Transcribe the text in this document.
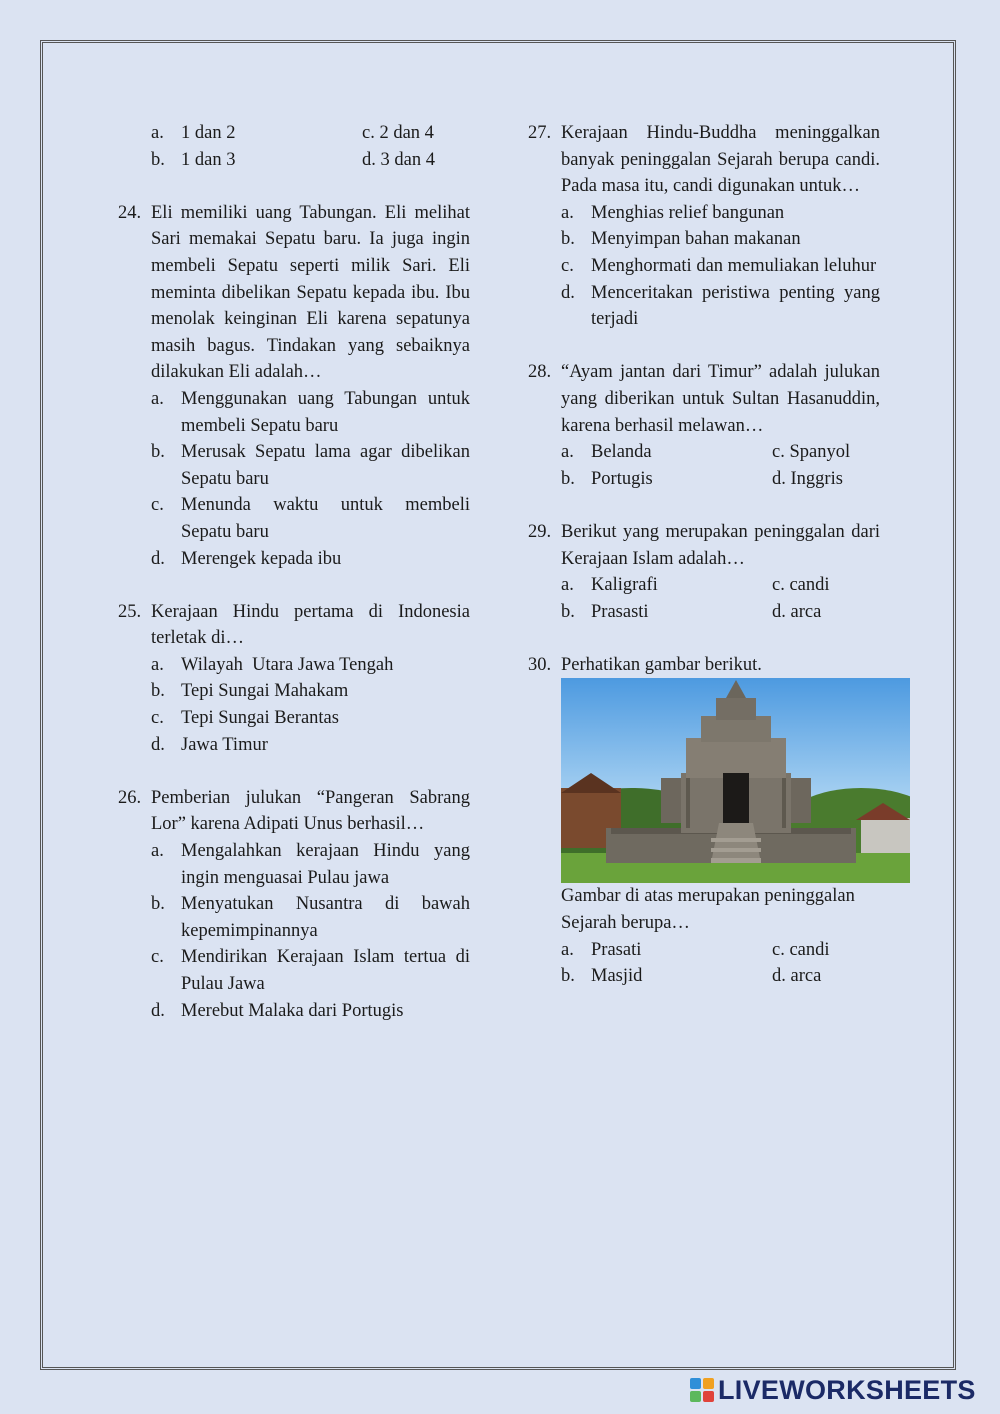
a. 1 dan 2	c. 2 dan 4
b. 1 dan 3	d. 3 dan 4
24. Eli memiliki uang Tabungan. Eli melihat Sari memakai Sepatu baru. Ia juga ingin membeli Sepatu seperti milik Sari. Eli meminta dibelikan Sepatu kepada ibu. Ibu menolak keinginan Eli karena sepatunya masih bagus. Tindakan yang sebaiknya dilakukan Eli adalah…
a. Menggunakan uang Tabungan untuk membeli Sepatu baru
b. Merusak Sepatu lama agar dibelikan Sepatu baru
c. Menunda waktu untuk membeli Sepatu baru
d. Merengek kepada ibu
25. Kerajaan Hindu pertama di Indonesia terletak di…
a. Wilayah  Utara Jawa Tengah
b. Tepi Sungai Mahakam
c. Tepi Sungai Berantas
d. Jawa Timur
26. Pemberian julukan “Pangeran Sabrang Lor” karena Adipati Unus berhasil…
a. Mengalahkan kerajaan Hindu yang ingin menguasai Pulau jawa
b. Menyatukan Nusantra di bawah kepemimpinannya
c. Mendirikan Kerajaan Islam tertua di Pulau Jawa
d. Merebut Malaka dari Portugis
27. Kerajaan Hindu-Buddha meninggalkan banyak peninggalan Sejarah berupa candi. Pada masa itu, candi digunakan untuk…
a. Menghias relief bangunan
b. Menyimpan bahan makanan
c. Menghormati dan memuliakan leluhur
d. Menceritakan peristiwa penting yang terjadi
28. “Ayam jantan dari Timur” adalah julukan yang diberikan untuk Sultan Hasanuddin, karena berhasil melawan…
a. Belanda	c. Spanyol
b. Portugis	d. Inggris
29. Berikut yang merupakan peninggalan dari Kerajaan Islam adalah…
a. Kaligrafi	c. candi
b. Prasasti	d. arca
30. Perhatikan gambar berikut.
Gambar di atas merupakan peninggalan Sejarah berupa…
a. Prasati	c. candi
b. Masjid	d. arca
LIVEWORKSHEETS
